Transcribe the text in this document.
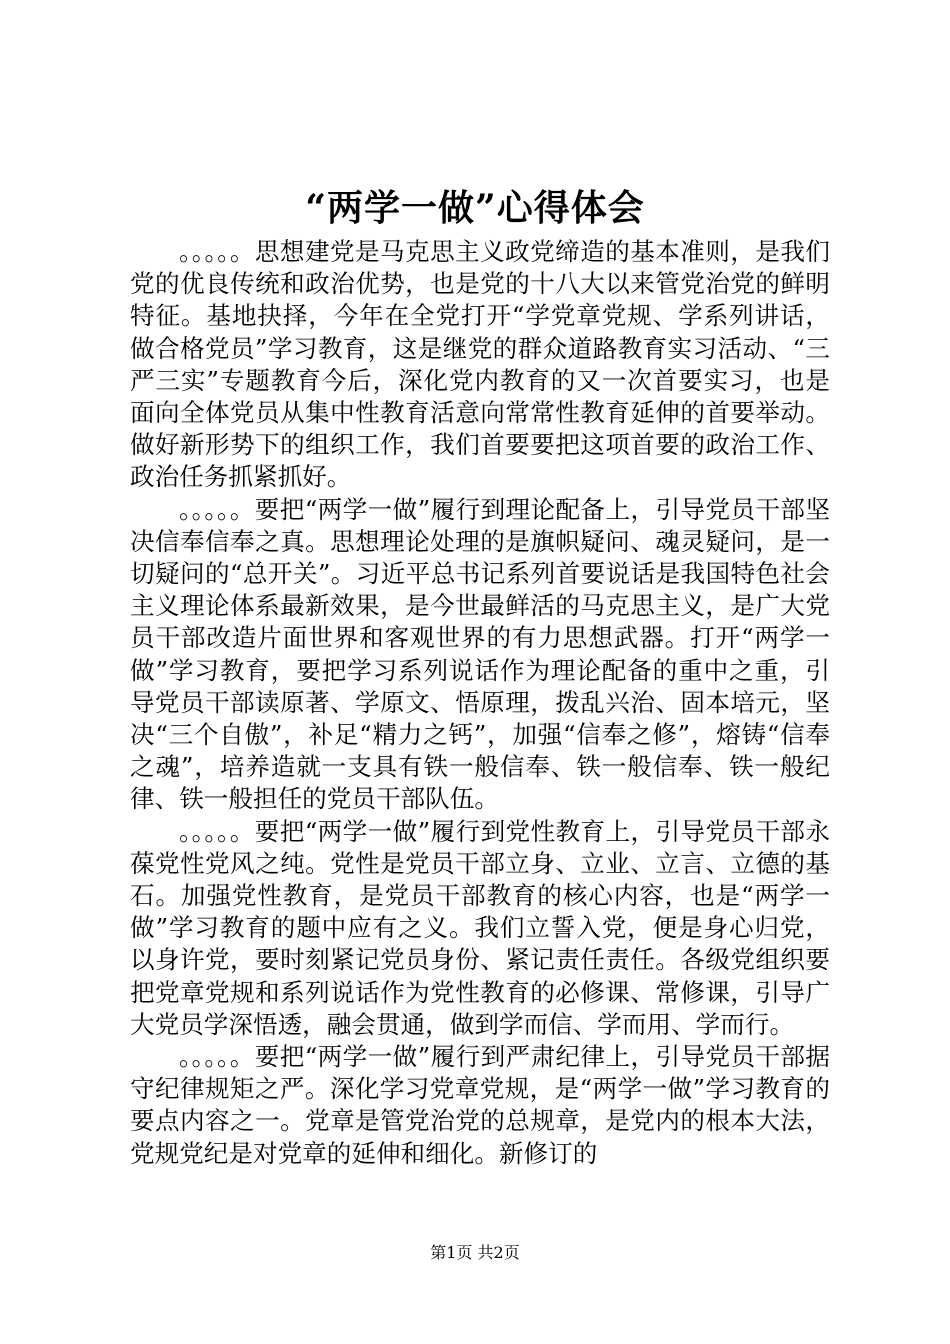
“两学一做”心得体会

。。。。。思想建党是马克思主义政党缔造的基本准则，是我们党的优良传统和政治优势，也是党的十八大以来管党治党的鲜明特征。基地抉择，今年在全党打开“学党章党规、学系列讲话，做合格党员”学习教育，这是继党的群众道路教育实习活动、“三严三实”专题教育今后，深化党内教育的又一次首要实习，也是面向全体党员从集中性教育活意向常常性教育延伸的首要举动。做好新形势下的组织工作，我们首要要把这项首要的政治工作、政治任务抓紧抓好。

。。。。。要把“两学一做”履行到理论配备上，引导党员干部坚决信奉信奉之真。思想理论处理的是旗帜疑问、魂灵疑问，是一切疑问的“总开关”。习近平总书记系列首要说话是我国特色社会主义理论体系最新效果，是今世最鲜活的马克思主义，是广大党员干部改造片面世界和客观世界的有力思想武器。打开“两学一做”学习教育，要把学习系列说话作为理论配备的重中之重，引导党员干部读原著、学原文、悟原理，拨乱兴治、固本培元，坚决“三个自傲”，补足“精力之钙”，加强“信奉之修”，熔铸“信奉之魂”，培养造就一支具有铁一般信奉、铁一般信奉、铁一般纪律、铁一般担任的党员干部队伍。

。。。。。要把“两学一做”履行到党性教育上，引导党员干部永葆党性党风之纯。党性是党员干部立身、立业、立言、立德的基石。加强党性教育，是党员干部教育的核心内容，也是“两学一做”学习教育的题中应有之义。我们立誓入党，便是身心归党，以身许党，要时刻紧记党员身份、紧记责任责任。各级党组织要把党章党规和系列说话作为党性教育的必修课、常修课，引导广大党员学深悟透，融会贯通，做到学而信、学而用、学而行。

。。。。。要把“两学一做”履行到严肃纪律上，引导党员干部据守纪律规矩之严。深化学习党章党规，是“两学一做”学习教育的要点内容之一。党章是管党治党的总规章，是党内的根本大法，党规党纪是对党章的延伸和细化。新修订的

第1页 共2页
